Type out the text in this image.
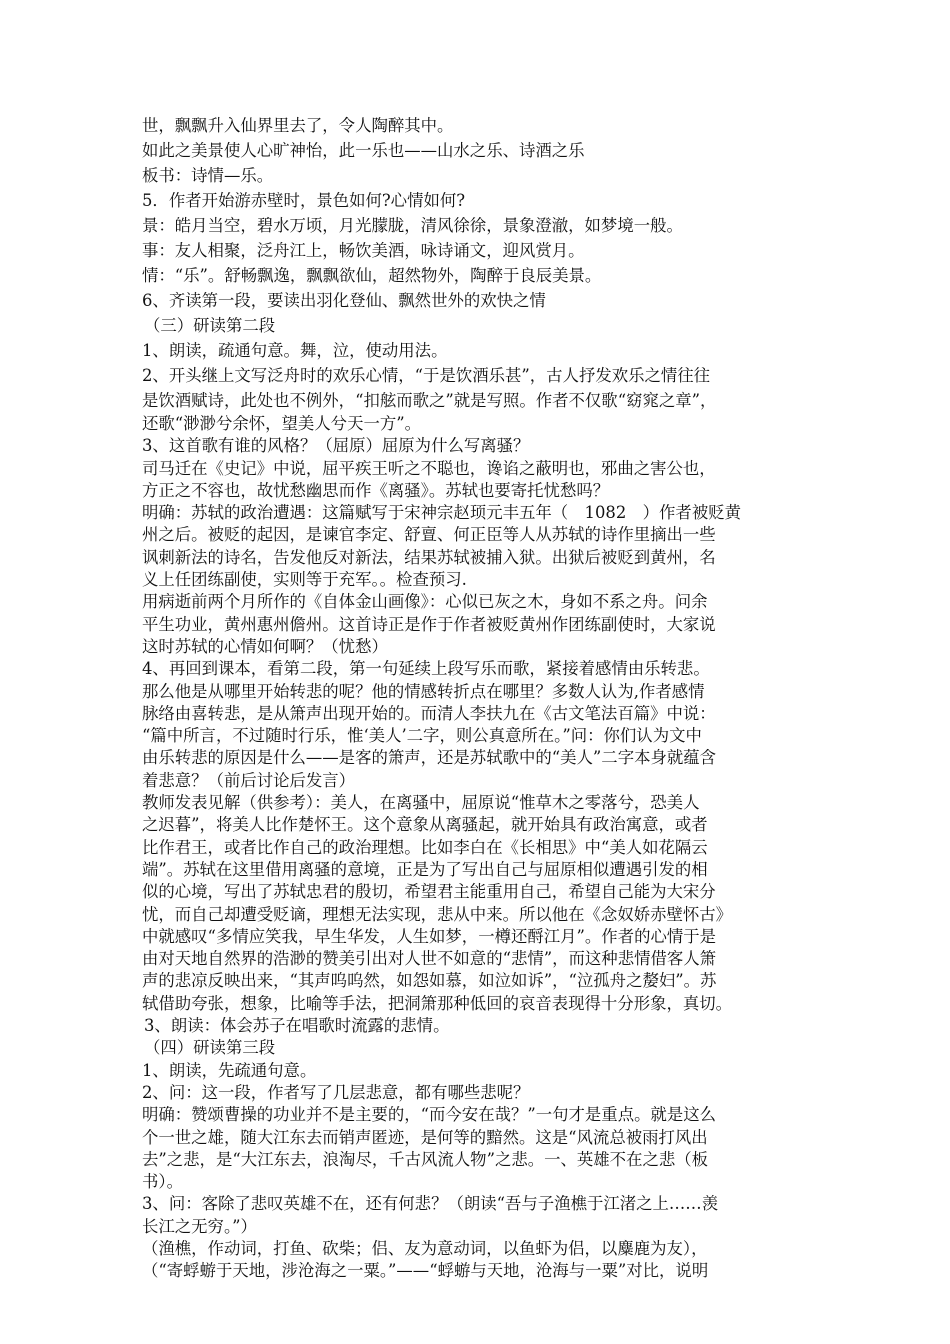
世，飘飘升入仙界里去了，令人陶醉其中。

如此之美景使人心旷神怡，此一乐也——山水之乐、诗酒之乐

板书：诗情—乐。

5．作者开始游赤壁时，景色如何?心情如何?

景：皓月当空，碧水万顷，月光朦胧，清风徐徐，景象澄澈，如梦境一般。

事：友人相聚，泛舟江上，畅饮美酒，咏诗诵文，迎风赏月。

情：“乐”。舒畅飘逸，飘飘欲仙，超然物外，陶醉于良辰美景。

6、齐读第一段，要读出羽化登仙、飘然世外的欢快之情

（三）研读第二段

1、朗读，疏通句意。舞，泣，使动用法。

2、开头继上文写泛舟时的欢乐心情，“于是饮酒乐甚”，古人抒发欢乐之情往往

是饮酒赋诗，此处也不例外，“扣舷而歌之”就是写照。作者不仅歌“窈窕之章”，

还歌“渺渺兮余怀，望美人兮天一方”。

3、这首歌有谁的风格？（屈原）屈原为什么写离骚？

司马迁在《史记》中说，屈平疾王听之不聪也，谗谄之蔽明也，邪曲之害公也，

方正之不容也，故忧愁幽思而作《离骚》。苏轼也要寄托忧愁吗？

明确：苏轼的政治遭遇：这篇赋写于宋神宗赵顼元丰五年（　1082　）作者被贬黄

州之后。被贬的起因，是谏官李定、舒亶、何正臣等人从苏轼的诗作里摘出一些

讽刺新法的诗名，告发他反对新法，结果苏轼被捕入狱。出狱后被贬到黄州，名

义上任团练副使，实则等于充军。。检查预习.

用病逝前两个月所作的《自体金山画像》：心似已灰之木，身如不系之舟。问余

平生功业，黄州惠州儋州。这首诗正是作于作者被贬黄州作团练副使时，大家说

这时苏轼的心情如何啊？（忧愁）

4、再回到课本，看第二段，第一句延续上段写乐而歌，紧接着感情由乐转悲。

那么他是从哪里开始转悲的呢？他的情感转折点在哪里？多数人认为,作者感情

脉络由喜转悲，是从箫声出现开始的。而清人李扶九在《古文笔法百篇》中说：

“篇中所言，不过随时行乐，惟‘美人’二字，则公真意所在。”问：你们认为文中

由乐转悲的原因是什么——是客的箫声，还是苏轼歌中的“美人”二字本身就蕴含

着悲意？（前后讨论后发言）

教师发表见解（供参考）：美人，在离骚中，屈原说“惟草木之零落兮，恐美人

之迟暮”，将美人比作楚怀王。这个意象从离骚起，就开始具有政治寓意，或者

比作君王，或者比作自己的政治理想。比如李白在《长相思》中“美人如花隔云

端”。苏轼在这里借用离骚的意境，正是为了写出自己与屈原相似遭遇引发的相

似的心境，写出了苏轼忠君的殷切，希望君主能重用自己，希望自己能为大宋分

忧，而自己却遭受贬谪，理想无法实现，悲从中来。所以他在《念奴娇赤壁怀古》

中就感叹“多情应笑我，早生华发，人生如梦，一樽还酹江月”。作者的心情于是

由对天地自然界的浩渺的赞美引出对人世不如意的“悲情”，而这种悲情借客人箫

声的悲凉反映出来，“其声呜呜然，如怨如慕，如泣如诉”，“泣孤舟之嫠妇”。苏

轼借助夸张，想象，比喻等手法，把洞箫那种低回的哀音表现得十分形象，真切。

3、朗读：体会苏子在唱歌时流露的悲情。

（四）研读第三段

1、朗读，先疏通句意。

2、问：这一段，作者写了几层悲意，都有哪些悲呢？

明确：赞颂曹操的功业并不是主要的，“而今安在哉？”一句才是重点。就是这么

个一世之雄，随大江东去而销声匿迹，是何等的黯然。这是“风流总被雨打风出

去”之悲，是“大江东去，浪淘尽，千古风流人物”之悲。一、英雄不在之悲（板

书）。

3、问：客除了悲叹英雄不在，还有何悲？（朗读“吾与子渔樵于江渚之上……羡

长江之无穷。”）

（渔樵，作动词，打鱼、砍柴；侣、友为意动词，以鱼虾为侣，以麋鹿为友），

（“寄蜉蝣于天地，涉沧海之一粟。”——“蜉蝣与天地，沧海与一粟”对比，说明
